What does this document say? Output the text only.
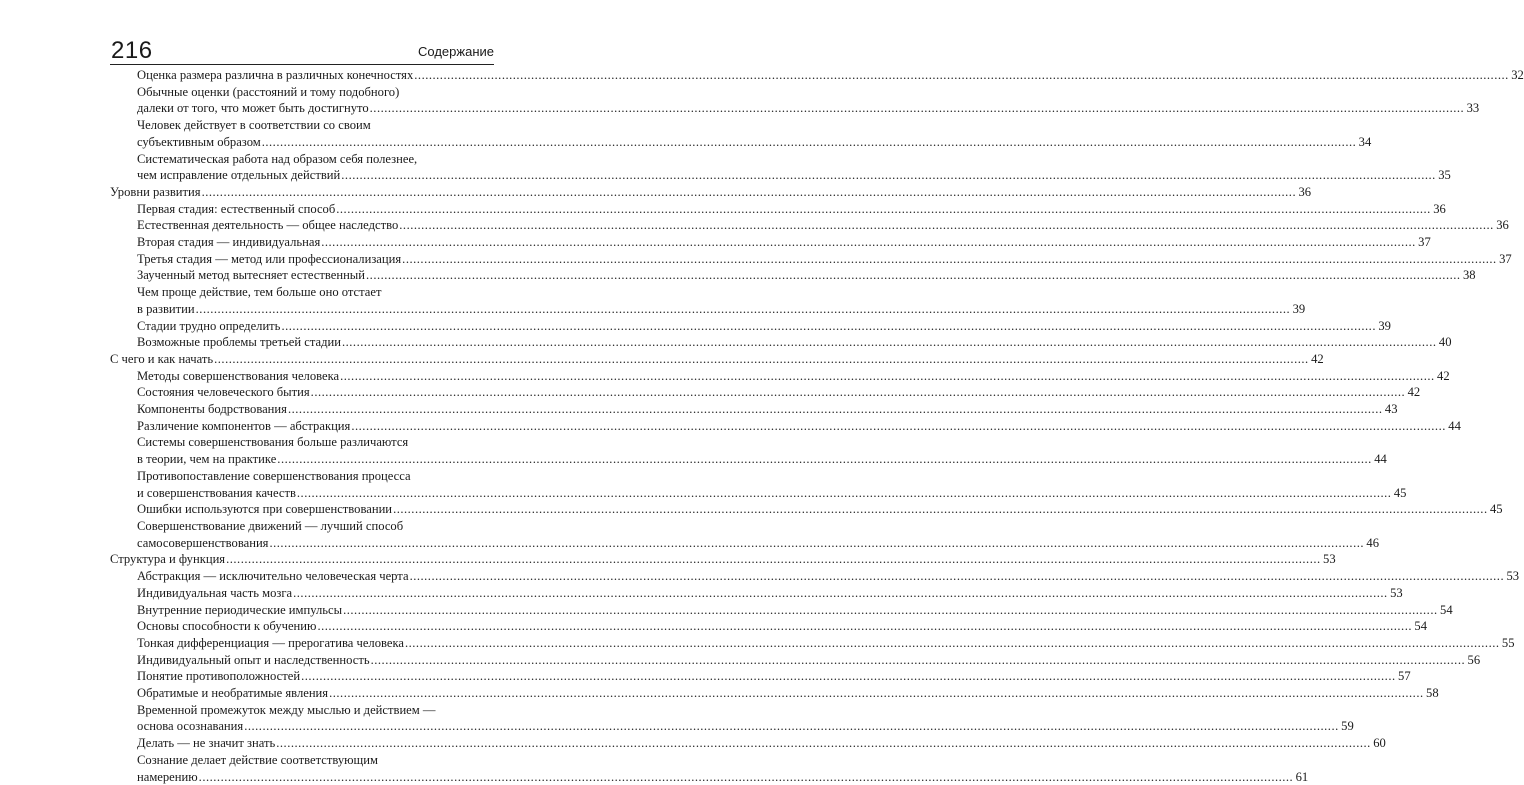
216	Содержание
Оценка размера различна в различных конечностях ............................................................................................................................................................................................................................................................................................................ 32
Обычные оценки (расстояний и тому подобного)
далеки от того, что может быть достигнуто ............................................................................................................................................................................................................................................................................................................ 33
Человек действует в соответствии со своим
субъективным образом ............................................................................................................................................................................................................................................................................................................ 34
Систематическая работа над образом себя полезнее,
чем исправление отдельных действий ............................................................................................................................................................................................................................................................................................................ 35
Уровни развития ............................................................................................................................................................................................................................................................................................................ 36
Первая стадия: естественный способ ............................................................................................................................................................................................................................................................................................................ 36
Естественная деятельность — общее наследство ............................................................................................................................................................................................................................................................................................................ 36
Вторая стадия — индивидуальная ............................................................................................................................................................................................................................................................................................................ 37
Третья стадия — метод или профессионализация ............................................................................................................................................................................................................................................................................................................ 37
Заученный метод вытесняет естественный ............................................................................................................................................................................................................................................................................................................ 38
Чем проще действие, тем больше оно отстает
в развитии ............................................................................................................................................................................................................................................................................................................ 39
Стадии трудно определить ............................................................................................................................................................................................................................................................................................................ 39
Возможные проблемы третьей стадии ............................................................................................................................................................................................................................................................................................................ 40
С чего и как начать ............................................................................................................................................................................................................................................................................................................ 42
Методы совершенствования человека ............................................................................................................................................................................................................................................................................................................ 42
Состояния человеческого бытия ............................................................................................................................................................................................................................................................................................................ 42
Компоненты бодрствования ............................................................................................................................................................................................................................................................................................................ 43
Различение компонентов — абстракция ............................................................................................................................................................................................................................................................................................................ 44
Системы совершенствования больше различаются
в теории, чем на практике ............................................................................................................................................................................................................................................................................................................ 44
Противопоставление совершенствования процесса
и совершенствования качеств ............................................................................................................................................................................................................................................................................................................ 45
Ошибки используются при совершенствовании ............................................................................................................................................................................................................................................................................................................ 45
Совершенствование движений — лучший способ
самосовершенствования ............................................................................................................................................................................................................................................................................................................ 46
Структура и функция ............................................................................................................................................................................................................................................................................................................ 53
Абстракция — исключительно человеческая черта ............................................................................................................................................................................................................................................................................................................ 53
Индивидуальная часть мозга ............................................................................................................................................................................................................................................................................................................ 53
Внутренние периодические импульсы ............................................................................................................................................................................................................................................................................................................ 54
Основы способности к обучению ............................................................................................................................................................................................................................................................................................................ 54
Тонкая дифференциация — прерогатива человека ............................................................................................................................................................................................................................................................................................................ 55
Индивидуальный опыт и наследственность ............................................................................................................................................................................................................................................................................................................ 56
Понятие противоположностей ............................................................................................................................................................................................................................................................................................................ 57
Обратимые и необратимые явления ............................................................................................................................................................................................................................................................................................................ 58
Временной промежуток между мыслью и действием —
основа осознавания ............................................................................................................................................................................................................................................................................................................ 59
Делать — не значит знать ............................................................................................................................................................................................................................................................................................................ 60
Сознание делает действие соответствующим
намерению ............................................................................................................................................................................................................................................................................................................ 61
